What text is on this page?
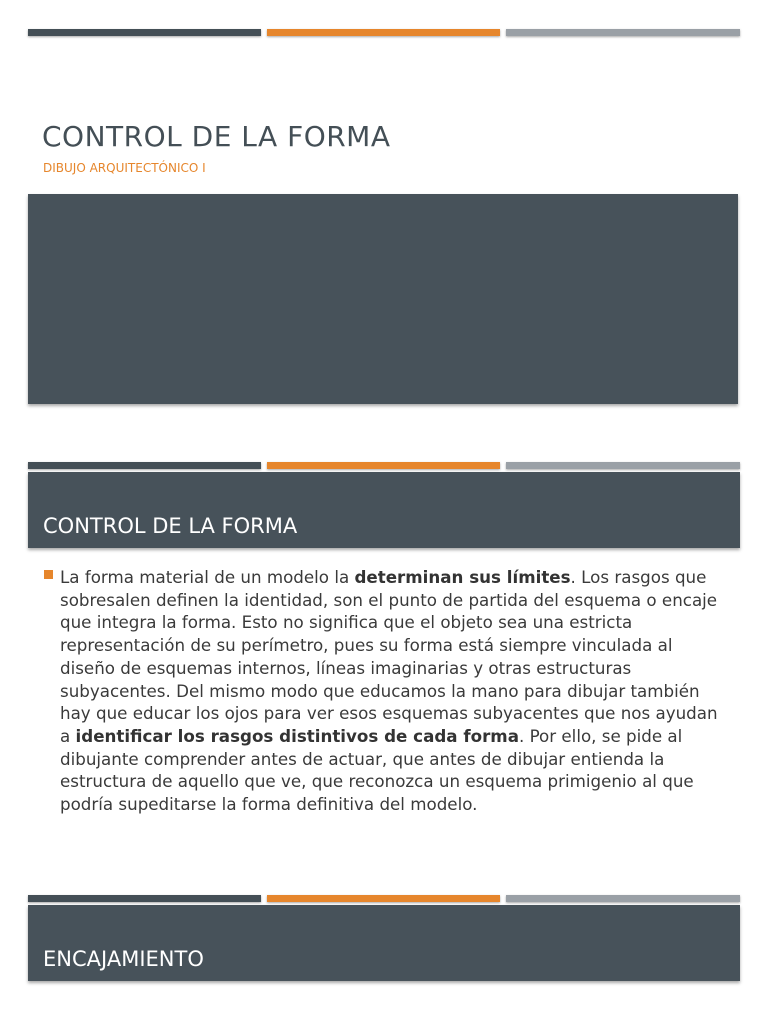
CONTROL DE LA FORMA
DIBUJO ARQUITECTÓNICO I
CONTROL DE LA FORMA
La forma material de un modelo la determinan sus límites. Los rasgos que sobresalen definen la identidad, son el punto de partida del esquema o encaje que integra la forma. Esto no significa que el objeto sea una estricta representación de su perímetro, pues su forma está siempre vinculada al diseño de esquemas internos, líneas imaginarias y otras estructuras subyacentes. Del mismo modo que educamos la mano para dibujar también hay que educar los ojos para ver esos esquemas subyacentes que nos ayudan a identificar los rasgos distintivos de cada forma. Por ello, se pide al dibujante comprender antes de actuar, que antes de dibujar entienda la estructura de aquello que ve, que reconozca un esquema primigenio al que podría supeditarse la forma definitiva del modelo.
ENCAJAMIENTO
